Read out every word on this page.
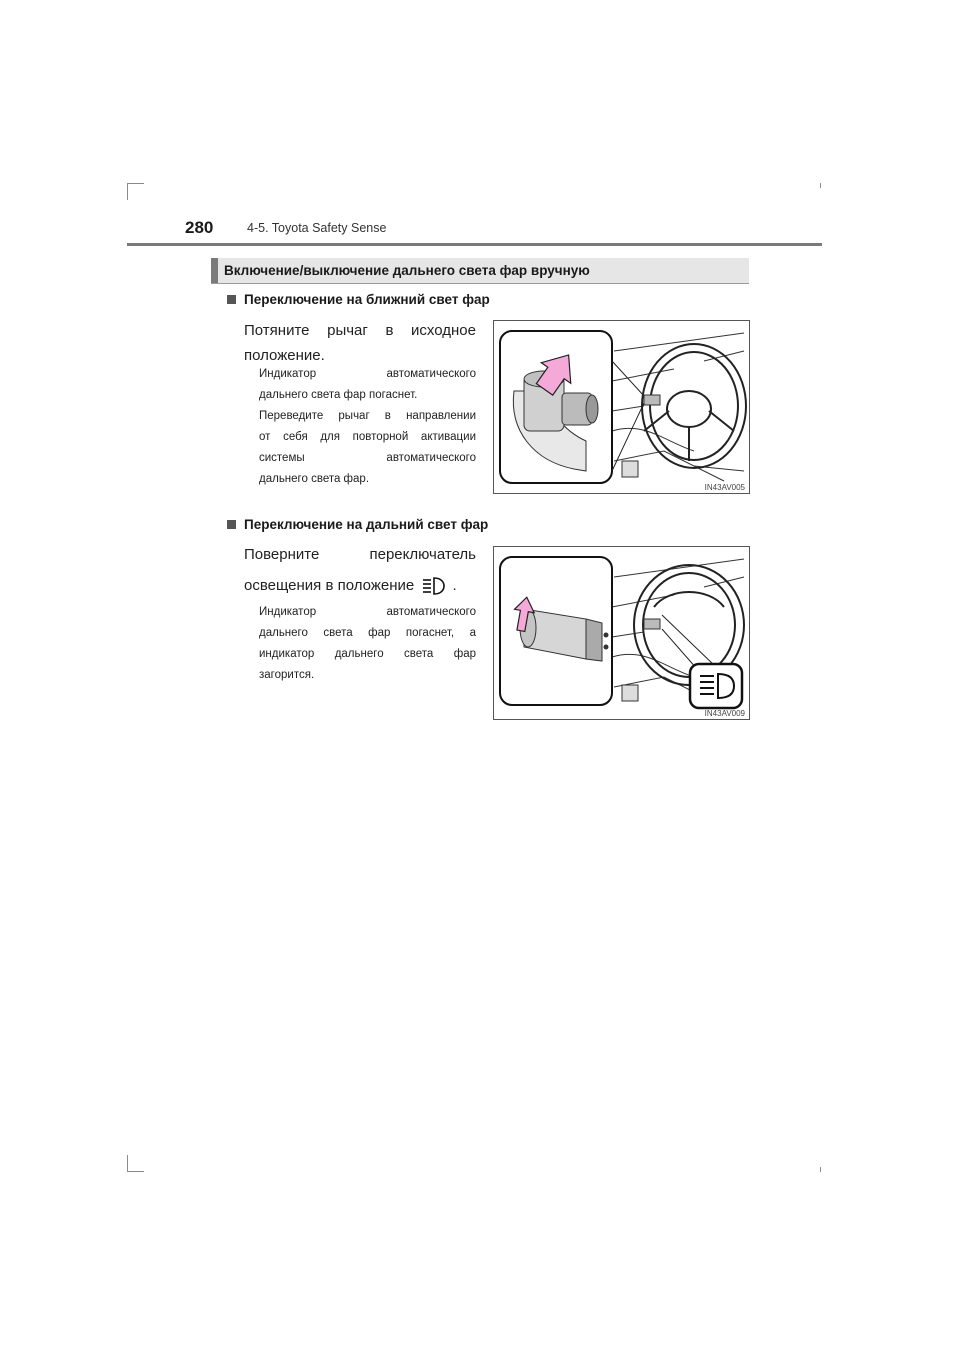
280	4-5. Toyota Safety Sense
Включение/выключение дальнего света фар вручную
Переключение на ближний свет фар
Потяните рычаг в исходное
положение.
Индикатор автоматического
дальнего света фар погаснет.
Переведите рычаг в направлении
от себя для повторной активации
системы автоматического
дальнего света фар.
IN43AV005
Переключение на дальний свет фар
Поверните переключатель
освещения в положение	.
Индикатор автоматического
дальнего света фар погаснет, а
индикатор дальнего света фар
загорится.
IN43AV009
